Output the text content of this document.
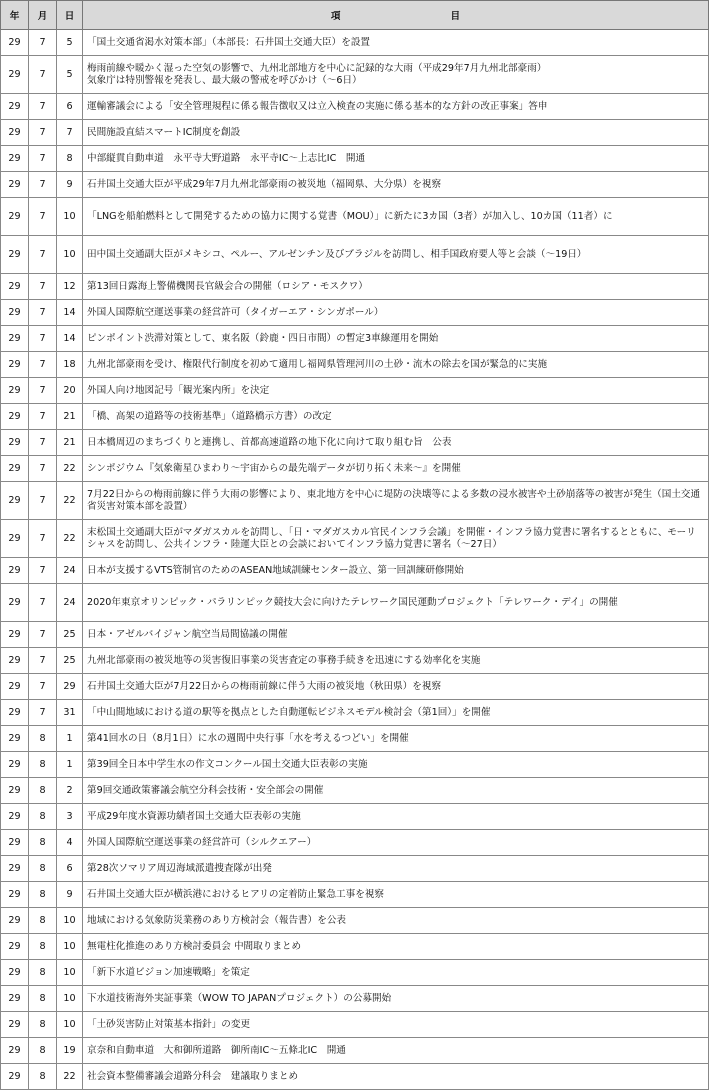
年	月	日	項 目
29	7	5	「国土交通省渇水対策本部」（本部長：石井国土交通大臣）を設置
29	7	5	梅雨前線や暖かく湿った空気の影響で、九州北部地方を中心に記録的な大雨（平成29年7月九州北部豪雨）
気象庁は特別警報を発表し、最大級の警戒を呼びかけ（～6日）
29	7	6	運輸審議会による「安全管理規程に係る報告徴収又は立入検査の実施に係る基本的な方針の改正事案」答申
29	7	7	民間施設直結スマートIC制度を創設
29	7	8	中部縦貫自動車道　永平寺大野道路　永平寺IC～上志比IC　開通
29	7	9	石井国土交通大臣が平成29年7月九州北部豪雨の被災地（福岡県、大分県）を視察
29	7	10	「LNGを船舶燃料として開発するための協力に関する覚書（MOU）」に新たに3カ国（3者）が加入し、10カ国（11者）に
29	7	10	田中国土交通副大臣がメキシコ、ペルー、アルゼンチン及びブラジルを訪問し、相手国政府要人等と会談（～19日）
29	7	12	第13回日露海上警備機関長官級会合の開催（ロシア・モスクワ）
29	7	14	外国人国際航空運送事業の経営許可（タイガーエア・シンガポール）
29	7	14	ピンポイント渋滞対策として、東名阪（鈴鹿・四日市間）の暫定3車線運用を開始
29	7	18	九州北部豪雨を受け、権限代行制度を初めて適用し福岡県管理河川の土砂・流木の除去を国が緊急的に実施
29	7	20	外国人向け地図記号「観光案内所」を決定
29	7	21	「橋、高架の道路等の技術基準」（道路橋示方書）の改定
29	7	21	日本橋周辺のまちづくりと連携し、首都高速道路の地下化に向けて取り組む旨　公表
29	7	22	シンポジウム『気象衛星ひまわり～宇宙からの最先端データが切り拓く未来～』を開催
29	7	22	7月22日からの梅雨前線に伴う大雨の影響により、東北地方を中心に堤防の決壊等による多数の浸水被害や土砂崩落等の被害が発生（国土交通省災害対策本部を設置）
29	7	22	末松国土交通副大臣がマダガスカルを訪問し、「日・マダガスカル官民インフラ会議」を開催・インフラ協力覚書に署名するとともに、モーリシャスを訪問し、公共インフラ・陸運大臣との会談においてインフラ協力覚書に署名（～27日）
29	7	24	日本が支援するVTS管制官のためのASEAN地域訓練センター設立、第一回訓練研修開始
29	7	24	2020年東京オリンピック・パラリンピック競技大会に向けたテレワーク国民運動プロジェクト「テレワーク・デイ」の開催
29	7	25	日本・アゼルバイジャン航空当局間協議の開催
29	7	25	九州北部豪雨の被災地等の災害復旧事業の災害査定の事務手続きを迅速にする効率化を実施
29	7	29	石井国土交通大臣が7月22日からの梅雨前線に伴う大雨の被災地（秋田県）を視察
29	7	31	「中山間地域における道の駅等を拠点とした自動運転ビジネスモデル検討会（第1回）」を開催
29	8	1	第41回水の日（8月1日）に水の週間中央行事「水を考えるつどい」を開催
29	8	1	第39回全日本中学生水の作文コンクール国土交通大臣表彰の実施
29	8	2	第9回交通政策審議会航空分科会技術・安全部会の開催
29	8	3	平成29年度水資源功績者国土交通大臣表彰の実施
29	8	4	外国人国際航空運送事業の経営許可（シルクエアー）
29	8	6	第28次ソマリア周辺海域派遣捜査隊が出発
29	8	9	石井国土交通大臣が横浜港におけるヒアリの定着防止緊急工事を視察
29	8	10	地域における気象防災業務のあり方検討会（報告書）を公表
29	8	10	無電柱化推進のあり方検討委員会 中間取りまとめ
29	8	10	「新下水道ビジョン加速戦略」を策定
29	8	10	下水道技術海外実証事業（WOW TO JAPANプロジェクト）の公募開始
29	8	10	「土砂災害防止対策基本指針」の変更
29	8	19	京奈和自動車道　大和御所道路　御所南IC～五條北IC　開通
29	8	22	社会資本整備審議会道路分科会　建議取りまとめ
